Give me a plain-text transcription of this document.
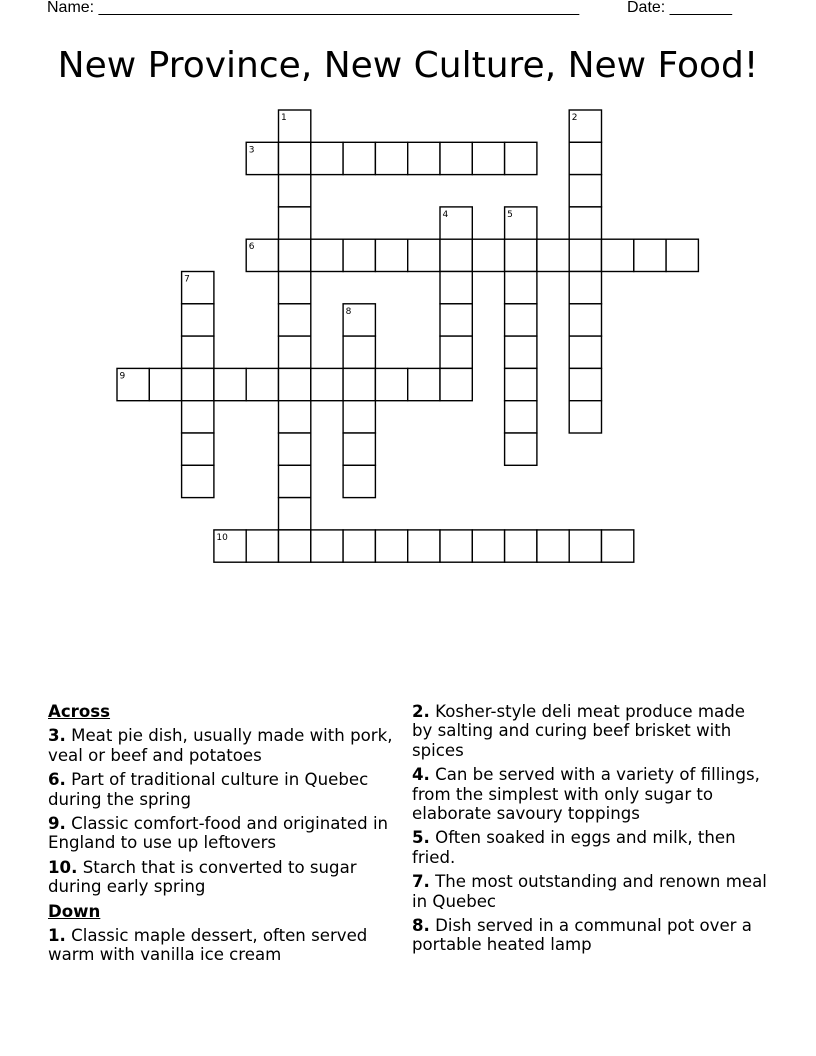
Name: ______________________________________________________	Date: _______
New Province, New Culture, New Food!
1	2
3
4	5
6
7
8
9
10
Across
3. Meat pie dish, usually made with pork, veal or beef and potatoes
6. Part of traditional culture in Quebec during the spring
9. Classic comfort-food and originated in England to use up leftovers
10. Starch that is converted to sugar during early spring
Down
1. Classic maple dessert, often served warm with vanilla ice cream
2. Kosher-style deli meat produce made by salting and curing beef brisket with spices
4. Can be served with a variety of fillings, from the simplest with only sugar to elaborate savoury toppings
5. Often soaked in eggs and milk, then fried.
7. The most outstanding and renown meal in Quebec
8. Dish served in a communal pot over a portable heated lamp
